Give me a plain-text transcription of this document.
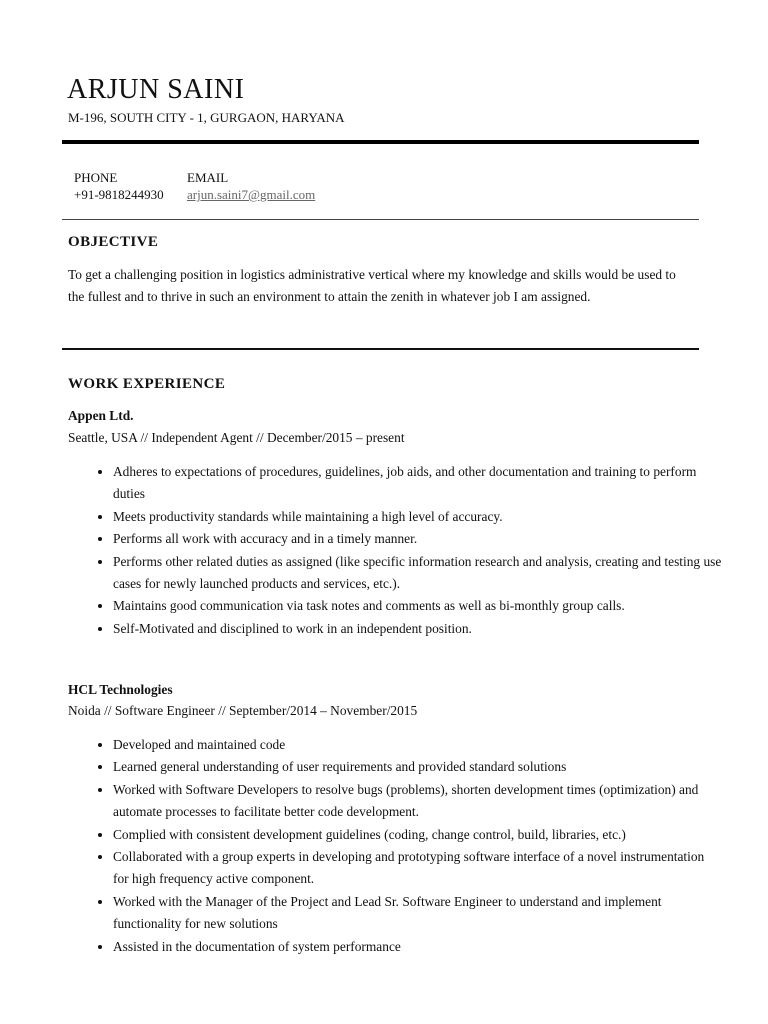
ARJUN SAINI
M-196, SOUTH CITY - 1, GURGAON, HARYANA
PHONE
+91-9818244930
EMAIL
arjun.saini7@gmail.com
OBJECTIVE
To get a challenging position in logistics administrative vertical where my knowledge and skills would be used to the fullest and to thrive in such an environment to attain the zenith in whatever job I am assigned.
WORK EXPERIENCE
Appen Ltd.
Seattle, USA // Independent Agent // December/2015 – present
• Adheres to expectations of procedures, guidelines, job aids, and other documentation and training to perform duties
• Meets productivity standards while maintaining a high level of accuracy.
• Performs all work with accuracy and in a timely manner.
• Performs other related duties as assigned (like specific information research and analysis, creating and testing use cases for newly launched products and services, etc.).
• Maintains good communication via task notes and comments as well as bi-monthly group calls.
• Self-Motivated and disciplined to work in an independent position.
HCL Technologies
Noida // Software Engineer // September/2014 – November/2015
• Developed and maintained code
• Learned general understanding of user requirements and provided standard solutions
• Worked with Software Developers to resolve bugs (problems), shorten development times (optimization) and automate processes to facilitate better code development.
• Complied with consistent development guidelines (coding, change control, build, libraries, etc.)
• Collaborated with a group experts in developing and prototyping software interface of a novel instrumentation for high frequency active component.
• Worked with the Manager of the Project and Lead Sr. Software Engineer to understand and implement functionality for new solutions
• Assisted in the documentation of system performance
